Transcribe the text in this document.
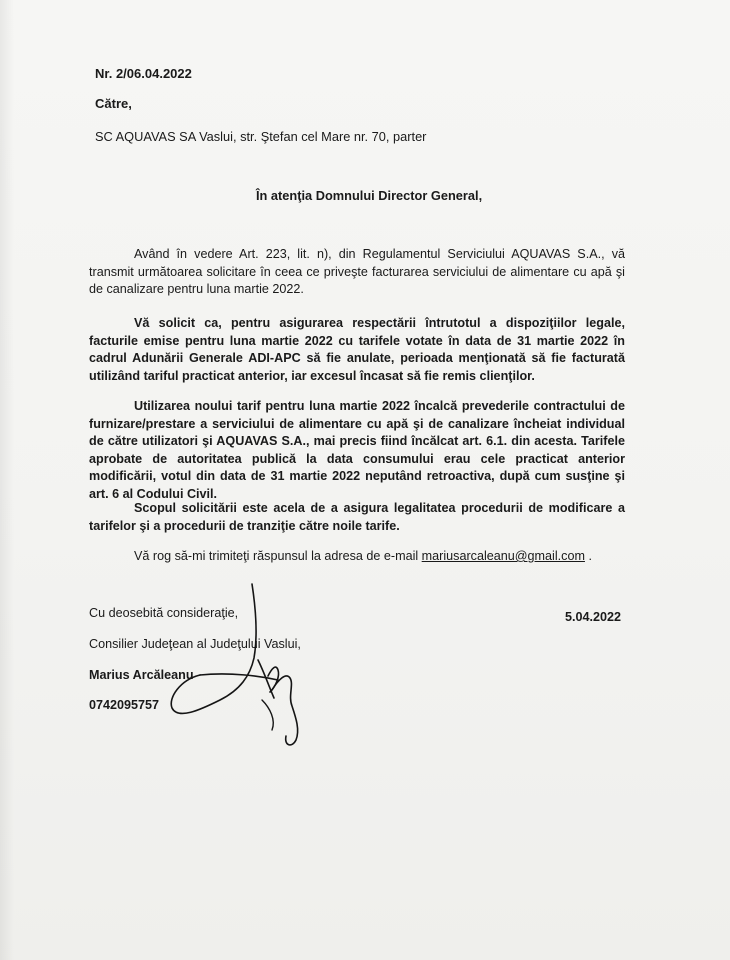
Nr. 2/06.04.2022
Către,
SC AQUAVAS SA Vaslui, str. Ştefan cel Mare nr. 70, parter
În atenţia Domnului Director General,

Având în vedere Art. 223, lit. n), din Regulamentul Serviciului AQUAVAS S.A., vă transmit următoarea solicitare în ceea ce priveşte facturarea serviciului de alimentare cu apă şi de canalizare pentru luna martie 2022.

Vă solicit ca, pentru asigurarea respectării întrutotul a dispoziţiilor legale, facturile emise pentru luna martie 2022 cu tarifele votate în data de 31 martie 2022 în cadrul Adunării Generale ADI-APC să fie anulate, perioada menţionată să fie facturată utilizând tariful practicat anterior, iar excesul încasat să fie remis clienţilor.

Utilizarea noului tarif pentru luna martie 2022 încalcă prevederile contractului de furnizare/prestare a serviciului de alimentare cu apă şi de canalizare încheiat individual de către utilizatori şi AQUAVAS S.A., mai precis fiind încălcat art. 6.1. din acesta. Tarifele aprobate de autoritatea publică la data consumului erau cele practicat anterior modificării, votul din data de 31 martie 2022 neputând retroactiva, după cum susţine şi art. 6 al Codului Civil.

Scopul solicitării este acela de a asigura legalitatea procedurii de modificare a tarifelor şi a procedurii de tranziţie către noile tarife.

Vă rog să-mi trimiteţi răspunsul la adresa de e-mail mariusarcaleanu@gmail.com .
Cu deosebită consideraţie,	5.04.2022
Consilier Judeţean al Judeţului Vaslui,
Marius Arcăleanu
0742095757
